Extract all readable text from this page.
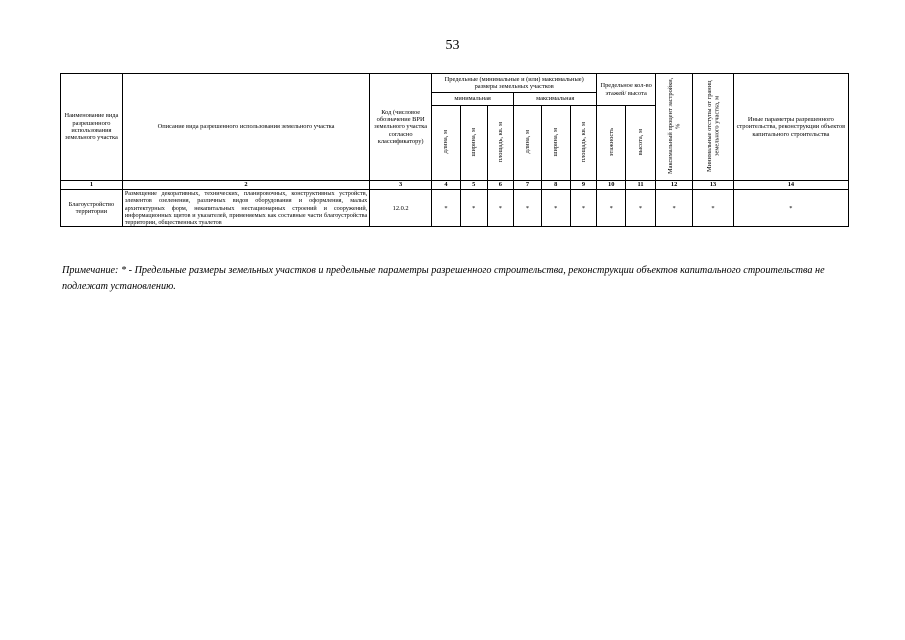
53
Наименование вида разрешенного использования земельного участка	Описание вида разрешенного использования земельного участка	Код (числовое обозначение ВРИ земельного участка согласно классификатору)	Предельные (минимальные и (или) максимальные) размеры земельных участков						Предельное кол-во этажей/ высота		Максимальный процент застройки, %	Минимальные отступы от границ земельного участка, м	Иные параметры разрешенного строительства, реконструкции объектов капитального строительства
			минимальная			максимальная							
			длина, м	ширина, м	площадь, кв. м	длина, м	ширина, м	площадь, кв. м	этажность	высота, м			
1	2	3	4	5	6	7	8	9	10	11	12	13	14
Благоустройство территории	Размещение декоративных, технических, планировочных, конструктивных устройств, элементов озеленения, различных видов оборудования и оформления, малых архитектурных форм, некапитальных нестационарных строений и сооружений, информационных щитов и указателей, применяемых как составные части благоустройства территории, общественных туалетов	12.0.2	*	*	*	*	*	*	*	*	*	*	*
Примечание: * - Предельные размеры земельных участков и предельные параметры разрешенного строительства, реконструкции объектов капитального строительства не подлежат установлению.
